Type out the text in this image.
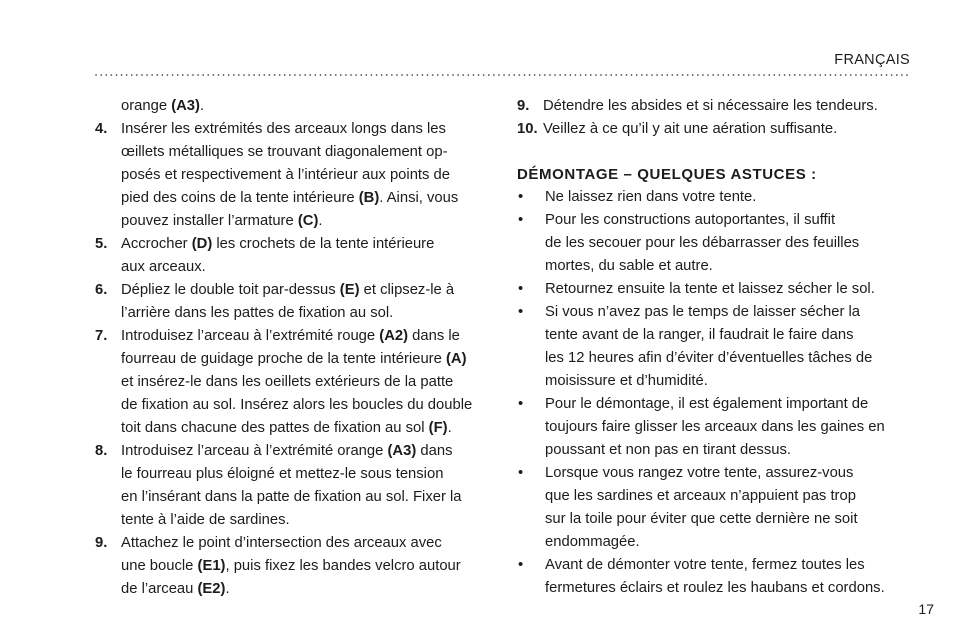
FRANÇAIS
orange (A3).
4. Insérer les extrémités des arceaux longs dans les
œillets métalliques se trouvant diagonalement op-
posés et respectivement à l’intérieur aux points de
pied des coins de la tente intérieure (B). Ainsi, vous
pouvez installer l’armature (C).
5. Accrocher (D) les crochets de la tente intérieure
aux arceaux.
6. Dépliez le double toit par-dessus (E) et clipsez-le à
l’arrière dans les pattes de fixation au sol.
7. Introduisez l’arceau à l’extrémité rouge (A2) dans le
fourreau de guidage proche de la tente intérieure (A)
et insérez-le dans les oeillets extérieurs de la patte
de fixation au sol. Insérez alors les boucles du double
toit dans chacune des pattes de fixation au sol (F).
8. Introduisez l’arceau à l’extrémité orange (A3) dans
le fourreau plus éloigné et mettez-le sous tension
en l’insérant dans la patte de fixation au sol. Fixer la
tente à l’aide de sardines.
9. Attachez le point d’intersection des arceaux avec
une boucle (E1), puis fixez les bandes velcro autour
de l’arceau (E2).
9. Détendre les absides et si nécessaire les tendeurs.
10. Veillez à ce qu’il y ait une aération suffisante.
DÉMONTAGE – QUELQUES ASTUCES :
•
Ne laissez rien dans votre tente.
•
Pour les constructions autoportantes, il suffit
de les secouer pour les débarrasser des feuilles
mortes, du sable et autre.
•
Retournez ensuite la tente et laissez sécher le sol.
•
Si vous n’avez pas le temps de laisser sécher la
tente avant de la ranger, il faudrait le faire dans
les 12 heures afin d’éviter d’éventuelles tâches de
moisissure et d’humidité.
•
Pour le démontage, il est également important de
toujours faire glisser les arceaux dans les gaines en
poussant et non pas en tirant dessus.
•
Lorsque vous rangez votre tente, assurez-vous
que les sardines et arceaux n’appuient pas trop
sur la toile pour éviter que cette dernière ne soit
endommagée.
•
Avant de démonter votre tente, fermez toutes les
fermetures éclairs et roulez les haubans et cordons.
17
